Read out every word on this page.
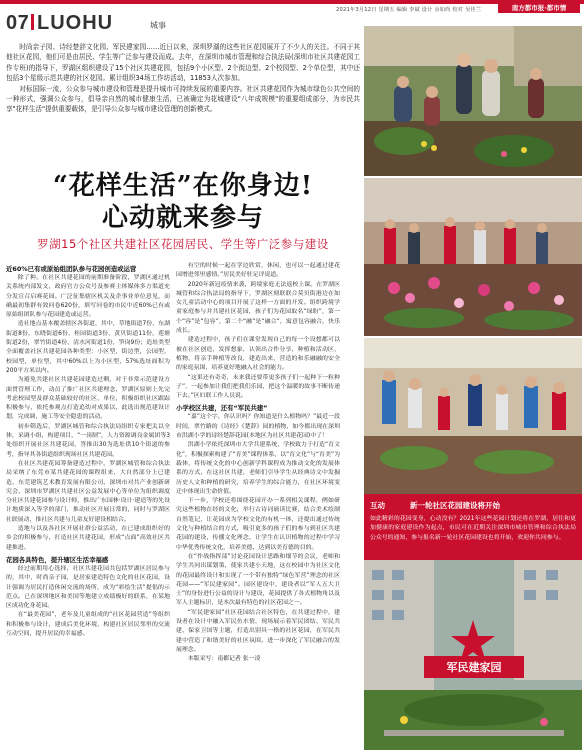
07 LUOHU	城事
2021年3月12日 星期五 编辑 李斌 设计 余如尚 校对 吴佳兰	南方都市报·都市情

时尚亲子园、诗经楚辞文化园、军民建家园……近日以来，深圳罗湖的这些社区花园展开了不少人的关注。不同于其他社区花园，他们可是由居民、学生等广泛参与建设而成。去年，在深圳市城市管理和综合执法局(深圳市社区共建花园工作专班)的指导下，罗湖区组织建设了15个社区共建花园，包括9个小区型、2个街边型、2个校园型、2个单位型，其中还包括3个星级示范共建的社区花园。累计组织34场工作坊活动，11853人次参加。

对标国际一流，公众参与城市建设和管理是提升城市可持续发展的重要内容。社区共建花园作为城市绿色公共空间的一种形式，强调公众参与，倡导亲自然的城市健康生活，已被确定为花城建设"八年成规模"的重要组成部分，为市民共享"花样生活"提供重要载体，是引导公众参与城市建设管理的创新模式。

“花样生活”在你身边!
心动就来参与
罗湖15个社区共建社区花园居民、学生等广泛参与建设
近60%已有或原始组团队参与花园创造或运营

除了种。在社区共建花园的前期准备阶段，罗湖区通过机关系统内部发文，政府官方公众号及参赛主体媒体多方渠道充分发宣召启赛花园。广泛征集辖区机关及企事业单位意见，而确最初集群有效问卷620份，填写问卷的市民中近60%已有或原始组团队参与花园建造或运营。

造社地点基本覆盖辖区各街道，其中，草地街道7份，东湖街道8份，东晓街道6份，桂园街道3份，黄贝街道11份，莲塘街道2份，翠竹街道4份，清水河街道1份，笋岗9份；造址类型全面覆盖社区共建花园各种类型：小区型，街边型，公园型，校园型，单位型，其中60%以上为小区型，57%选址面积为200平方米以内。

为避免共建社区共建花园建造过剩，对于非常示范建设方面贯管理工作，动员了推广社区共建理念，罗湖区原则上先完考虑校园型及群众基础较好的社区，单位，积极组织社区跟踪积极参与，依托参观点打造追幼对成果以，此选出规范建设计划，完成调，施工等安全隐患的活动。

初步筛选后，罗湖区城管和综合执法局组织专家把关以全体，采调小组，构建项目，“一岗制”，人力资源调良金属团等3处组织开展社区共建花园，答推出30为选址供10个街道的参考，指导其各街道组织现场社区共建花园。

在社区共建花园筹备建造过程中，罗湖区城管和综合执法局采纳了东莞市某共建花园的课程组来，大自然部分上已建造，东莞建筑艺术教育发展有限公司、深圳市对共产业创新研究会、深圳市罗湖区共建社区公益发展中心等单位为组织调度分社区共建花园参与设计师，推出广东园林·设计·建造等的先设计地质深入等学的部门，推动社区开展日常的，同时与罗湖区社联展动，推社区共建与儿童友好建设相结合。

造地与以及各社区开展社群公益活动，在已建成组织好的乡会的积极参与，打造社区共建花园，形成“点面”高效社区共建推进。

花园各具特色，提升辖区生活幸福感

经过前期用心选择，社区共建花园共包括罗湖区居民参与的，其中，时尚亲子园，是居家建造特色文化的社区花园，设计强调为居民打造休闲交流的场所，成为“彩绘生活”提倡的示范点。已在深圳地区和美国等地建立成绩极好的联系，在某地区成功化身花园。

在“最美花园”，老年及儿童组成的“社区花园营造”等组织和积极参与设计，建成后美化环境，构建社区居民邻里的交流互动空间，提升居民的幸福感。

有空的时候一起在学边欣赏，休闲，也可以一起通过建花园增进邻里感情。”居民美好驻足评说道。

2020年新冠疫情来袭，跨境家庭无法返校上课。在罗湖区城管和综合执法局的指导下，罗湖区刻联联合莫贝街港边在如女儿童活动中心的项目开展了这样一方面的开发。组织跨境学童家庭参与并共建社区花园，孩子们为花园取名“绿盼”，第一个“容”是“包容”，第二个“融”是“融合”，寓意包容融合，快乐成长。

建造过程中，孩子们在课堂发现自己的每一个设想都可以被在社区创造，发挥想象，认领出合作分享、种植和活动区，植物，将亲手种植等改良，建造出来，营造的和乐融融的安全的家庭氛围，培养更好地融入社会的能力。

“这果还有奇奇，未来我还要带更多孩子们一起种下一粒种子”，一起参加让我们把我们乐园，把这个温暖的故事不断传递下去。”区妇联工作人员说。

小学校区共建，还有“军民共建”

“嘉”这个字，你认识吗？你知道是什么植物吗？”最近一段时间，翠竹路的《诗经》《楚辞》园的植物，如今都出现在深圳市洪湖小学的诗经楚辞花园(本地区为社区共建花园)中了！

洪湖小学依托深圳市大学共建系统，学校致力于打造“育文化”，积极探索构建了“育美”课程体系，以“育文化”与“育美”为载体，将传统文化的中心创新学科课程成为推动文化的发展体系的方式，在这社区共建，老师们引导学生从经典诗文中发掘历史人文和种植的研究，培养学生的综合能力，在社区环境变迁中体现出生命价值。

下一步，学校还将围绕花园开办一系列相关课程，例如研究这些植物在经的文化，举行古诗词诵读比赛，结合美术绘制自然笔记，让花园成为学校文化的有机一体，还提出通过传统文化与种植结合的方式，吸引更多的孩子们的参与到社区共建花园的建设，传播文化理念，让学生在认识植物的过程中学习中华优秀传统文化，培养美德，达到以美育德的目的。

在“作战指挥部”讨论花园设计思路和细节的会议，老师和学生共同出谋划策，使家共建小天地，这在校园中为社区文化的花园最终设计和实现了一个带有独特“绿色军营”理念的社区花园——“军民建家园”。园区建设中，建设者以“军人五大卫士”的身份进行公益的设计与建设，花园提供了各式植物角以及军人主题标识，是本次最有特色的社区花园之一。

“军民建家园”社区花园结合社区特色，在共建过程中，建设者在设计中融入军民鱼水情，现场展示着军民团结、军民共建、保家卫国等主题，打造出别具一格的社区花园，在军民共建中营造了和谐美好的社区氛围，进一步深化了军民融合的发展理念。

本版采写：南都记者 张一凌

互动	新一轮社区花园建设将开始
如此精彩的花园变身，心动没有？2021年这些花园计划还将在罗湖，居住和更加健康的家庭建设作为起点，市民可在近期关注深圳市城市管理和综合执法局公众号的通知，参与报名新一轮社区花园建设也将开始，欢迎你共同参与。
军民建家园
